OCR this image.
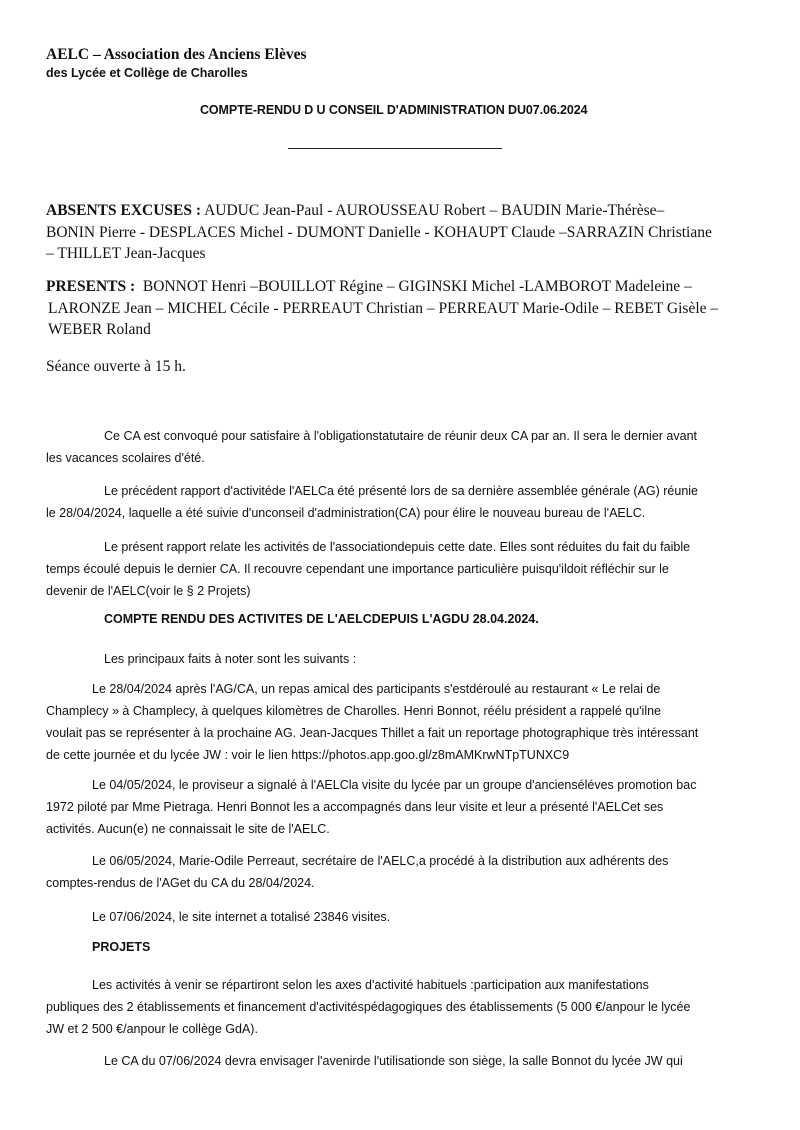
AELC – Association des Anciens Elèves
des Lycée et Collège de Charolles
COMPTE-RENDU D U CONSEIL D'ADMINISTRATION DU07.06.2024
ABSENTS EXCUSES : AUDUC Jean-Paul - AUROUSSEAU Robert – BAUDIN Marie-Thérèse–
BONIN Pierre - DESPLACES Michel - DUMONT Danielle - KOHAUPT Claude –SARRAZIN Christiane
– THILLET Jean-Jacques
PRESENTS : BONNOT Henri –BOUILLOT Régine – GIGINSKI Michel -LAMBOROT Madeleine –
LARONZE Jean – MICHEL Cécile - PERREAUT Christian – PERREAUT Marie-Odile – REBET Gisèle –
WEBER Roland
Séance ouverte à 15 h.
Ce CA est convoqué pour satisfaire à l'obligationstatutaire de réunir deux CA par an. Il sera le dernier avant
les vacances scolaires d'été.
Le précédent rapport d'activitéde l'AELCa été présenté lors de sa dernière assemblée générale (AG) réunie
le 28/04/2024, laquelle a été suivie d'unconseil d'administration(CA) pour élire le nouveau bureau de l'AELC.
Le présent rapport relate les activités de l'associationdepuis cette date. Elles sont réduites du fait du faible
temps écoulé depuis le dernier CA. Il recouvre cependant une importance particulière puisqu'ildoit réfléchir sur le
devenir de l'AELC(voir le § 2 Projets)
COMPTE RENDU DES ACTIVITES DE L'AELCDEPUIS L'AGDU 28.04.2024.
Les principaux faits à noter sont les suivants :
Le 28/04/2024 après l'AG/CA, un repas amical des participants s'estdéroulé au restaurant « Le relai de
Champlecy » à Champlecy, à quelques kilomètres de Charolles. Henri Bonnot, réélu président a rappelé qu'ilne
voulait pas se représenter à la prochaine AG. Jean-Jacques Thillet a fait un reportage photographique très intéressant
de cette journée et du lycée JW : voir le lien https://photos.app.goo.gl/z8mAMKrwNTpTUNXC9
Le 04/05/2024, le proviseur a signalé à l'AELCla visite du lycée par un groupe d'ancienséléves promotion bac
1972 piloté par Mme Pietraga. Henri Bonnot les a accompagnés dans leur visite et leur a présenté l'AELCet ses
activités. Aucun(e) ne connaissait le site de l'AELC.
Le 06/05/2024, Marie-Odile Perreaut, secrétaire de l'AELC,a procédé à la distribution aux adhérents des
comptes-rendus de l'AGet du CA du 28/04/2024.
Le 07/06/2024, le site internet a totalisé 23846 visites.
PROJETS
Les activités à venir se répartiront selon les axes d'activité habituels :participation aux manifestations
publiques des 2 établissements et financement d'activitéspédagogiques des établissements (5 000 €/anpour le lycée
JW et 2 500 €/anpour le collège GdA).
Le CA du 07/06/2024 devra envisager l'avenirde l'utilisationde son siège, la salle Bonnot du lycée JW qui
